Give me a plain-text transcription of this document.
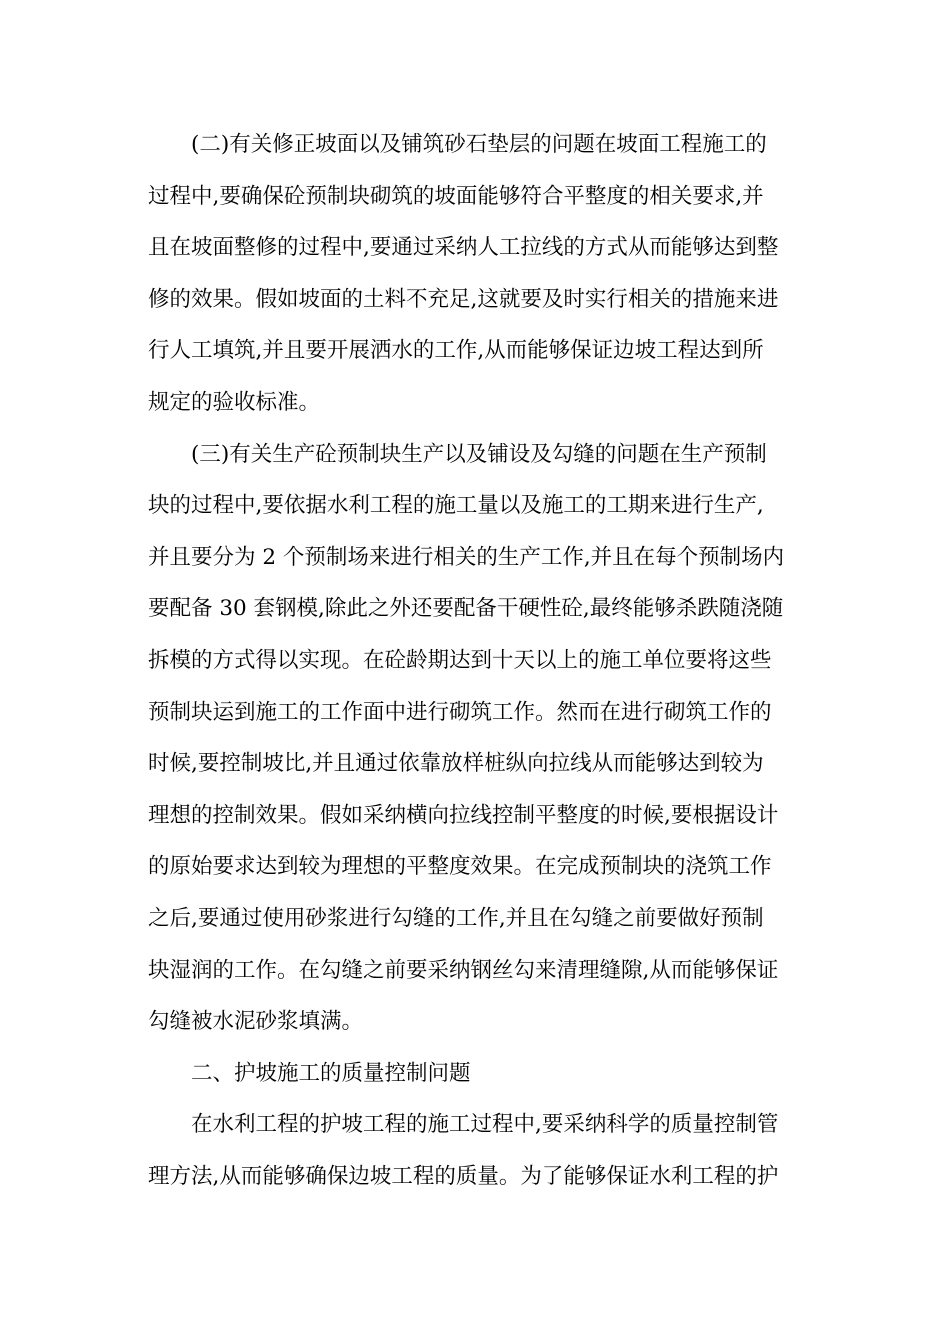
(二)有关修正坡面以及铺筑砂石垫层的问题在坡面工程施工的
过程中,要确保砼预制块砌筑的坡面能够符合平整度的相关要求,并
且在坡面整修的过程中,要通过采纳人工拉线的方式从而能够达到整
修的效果。假如坡面的土料不充足,这就要及时实行相关的措施来进
行人工填筑,并且要开展洒水的工作,从而能够保证边坡工程达到所
规定的验收标准。
(三)有关生产砼预制块生产以及铺设及勾缝的问题在生产预制
块的过程中,要依据水利工程的施工量以及施工的工期来进行生产,
并且要分为 2 个预制场来进行相关的生产工作,并且在每个预制场内
要配备 30 套钢模,除此之外还要配备干硬性砼,最终能够杀跌随浇随
拆模的方式得以实现。在砼龄期达到十天以上的施工单位要将这些
预制块运到施工的工作面中进行砌筑工作。然而在进行砌筑工作的
时候,要控制坡比,并且通过依靠放样桩纵向拉线从而能够达到较为
理想的控制效果。假如采纳横向拉线控制平整度的时候,要根据设计
的原始要求达到较为理想的平整度效果。在完成预制块的浇筑工作
之后,要通过使用砂浆进行勾缝的工作,并且在勾缝之前要做好预制
块湿润的工作。在勾缝之前要采纳钢丝勾来清理缝隙,从而能够保证
勾缝被水泥砂浆填满。
二、护坡施工的质量控制问题
在水利工程的护坡工程的施工过程中,要采纳科学的质量控制管
理方法,从而能够确保边坡工程的质量。为了能够保证水利工程的护
